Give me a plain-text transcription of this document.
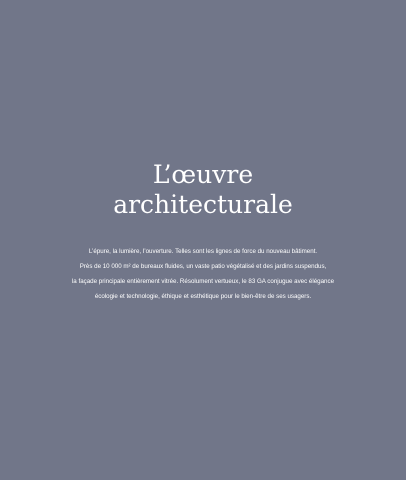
L’œuvre
architecturale
L’épure, la lumière, l’ouverture. Telles sont les lignes de force du nouveau bâtiment.
Près de 10 000 m² de bureaux fluides, un vaste patio végétalisé et des jardins suspendus,
la façade principale entièrement vitrée. Résolument vertueux, le 83 GA conjugue avec élégance
écologie et technologie, éthique et esthétique pour le bien-être de ses usagers.
